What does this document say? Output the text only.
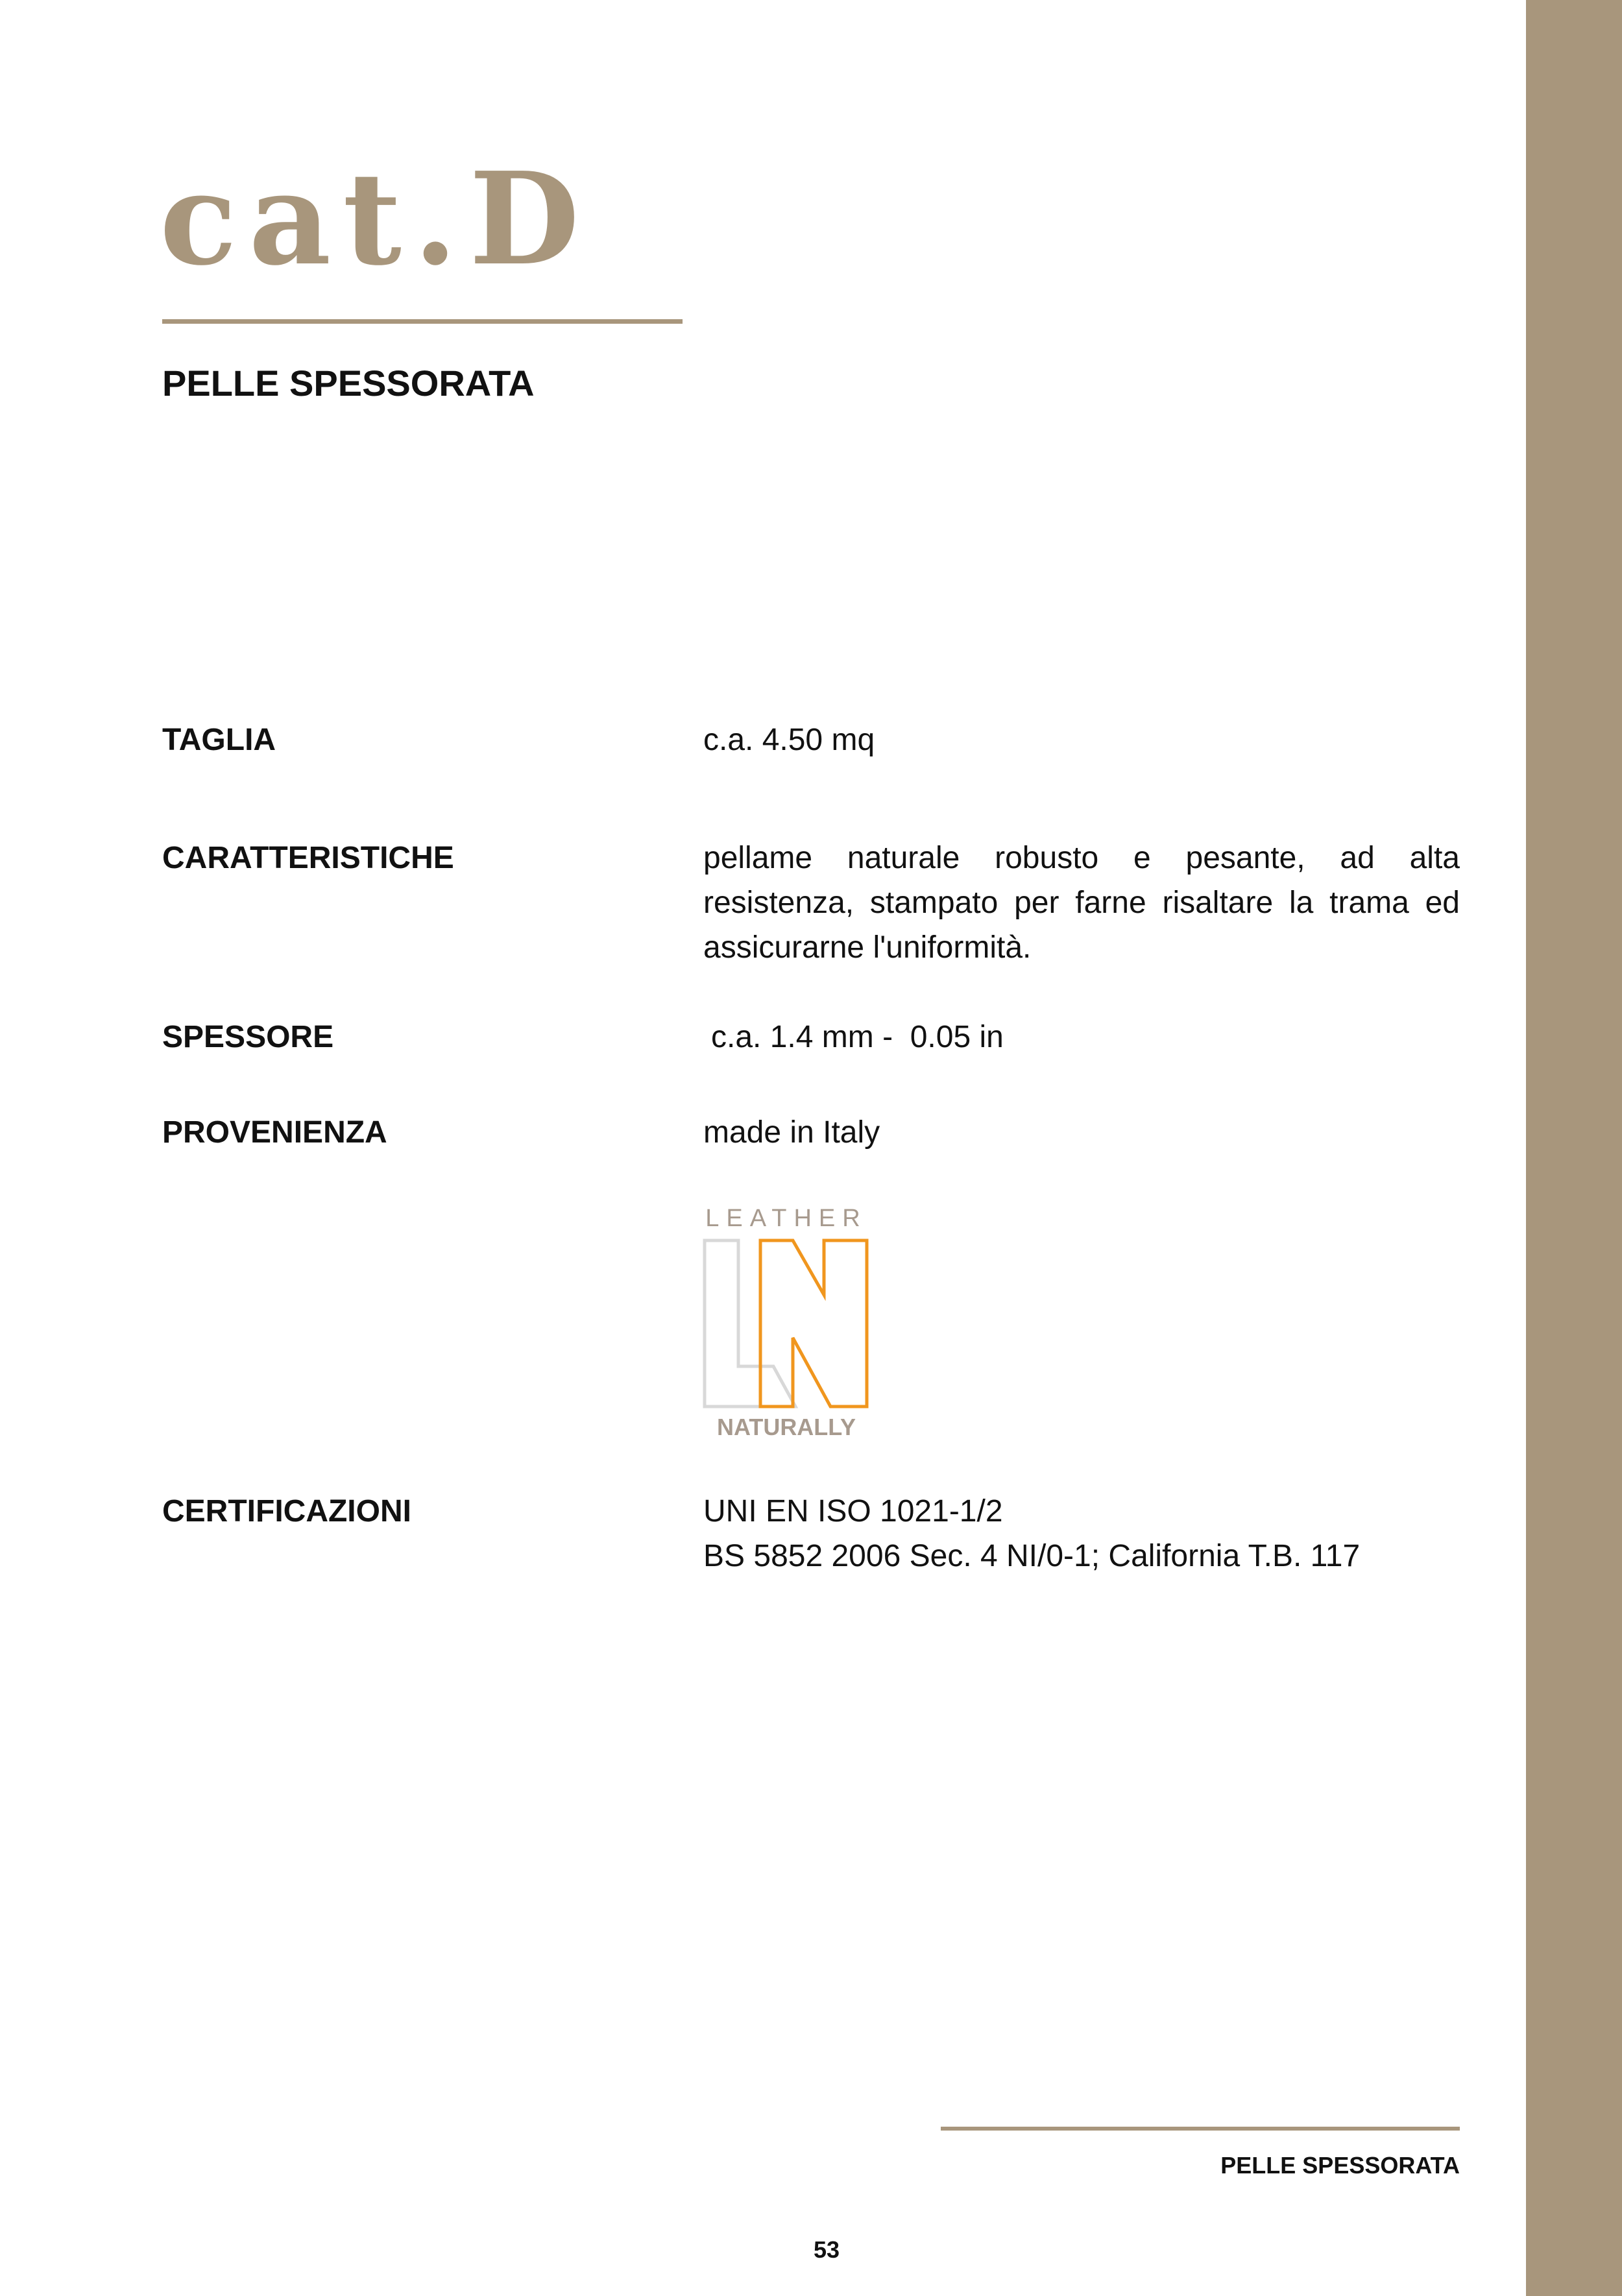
cat.D
PELLE SPESSORATA
TAGLIA	c.a. 4.50 mq
CARATTERISTICHE	pellame naturale robusto e pesante, ad alta resistenza, stampato per farne risaltare la trama ed assicurarne l'uniformità.
SPESSORE	c.a. 1.4 mm -  0.05 in
PROVENIENZA	made in Italy
LEATHER
NATURALLY
CERTIFICAZIONI	UNI EN ISO 1021-1/2
BS 5852 2006 Sec. 4 NI/0-1; California T.B. 117
PELLE SPESSORATA
53
